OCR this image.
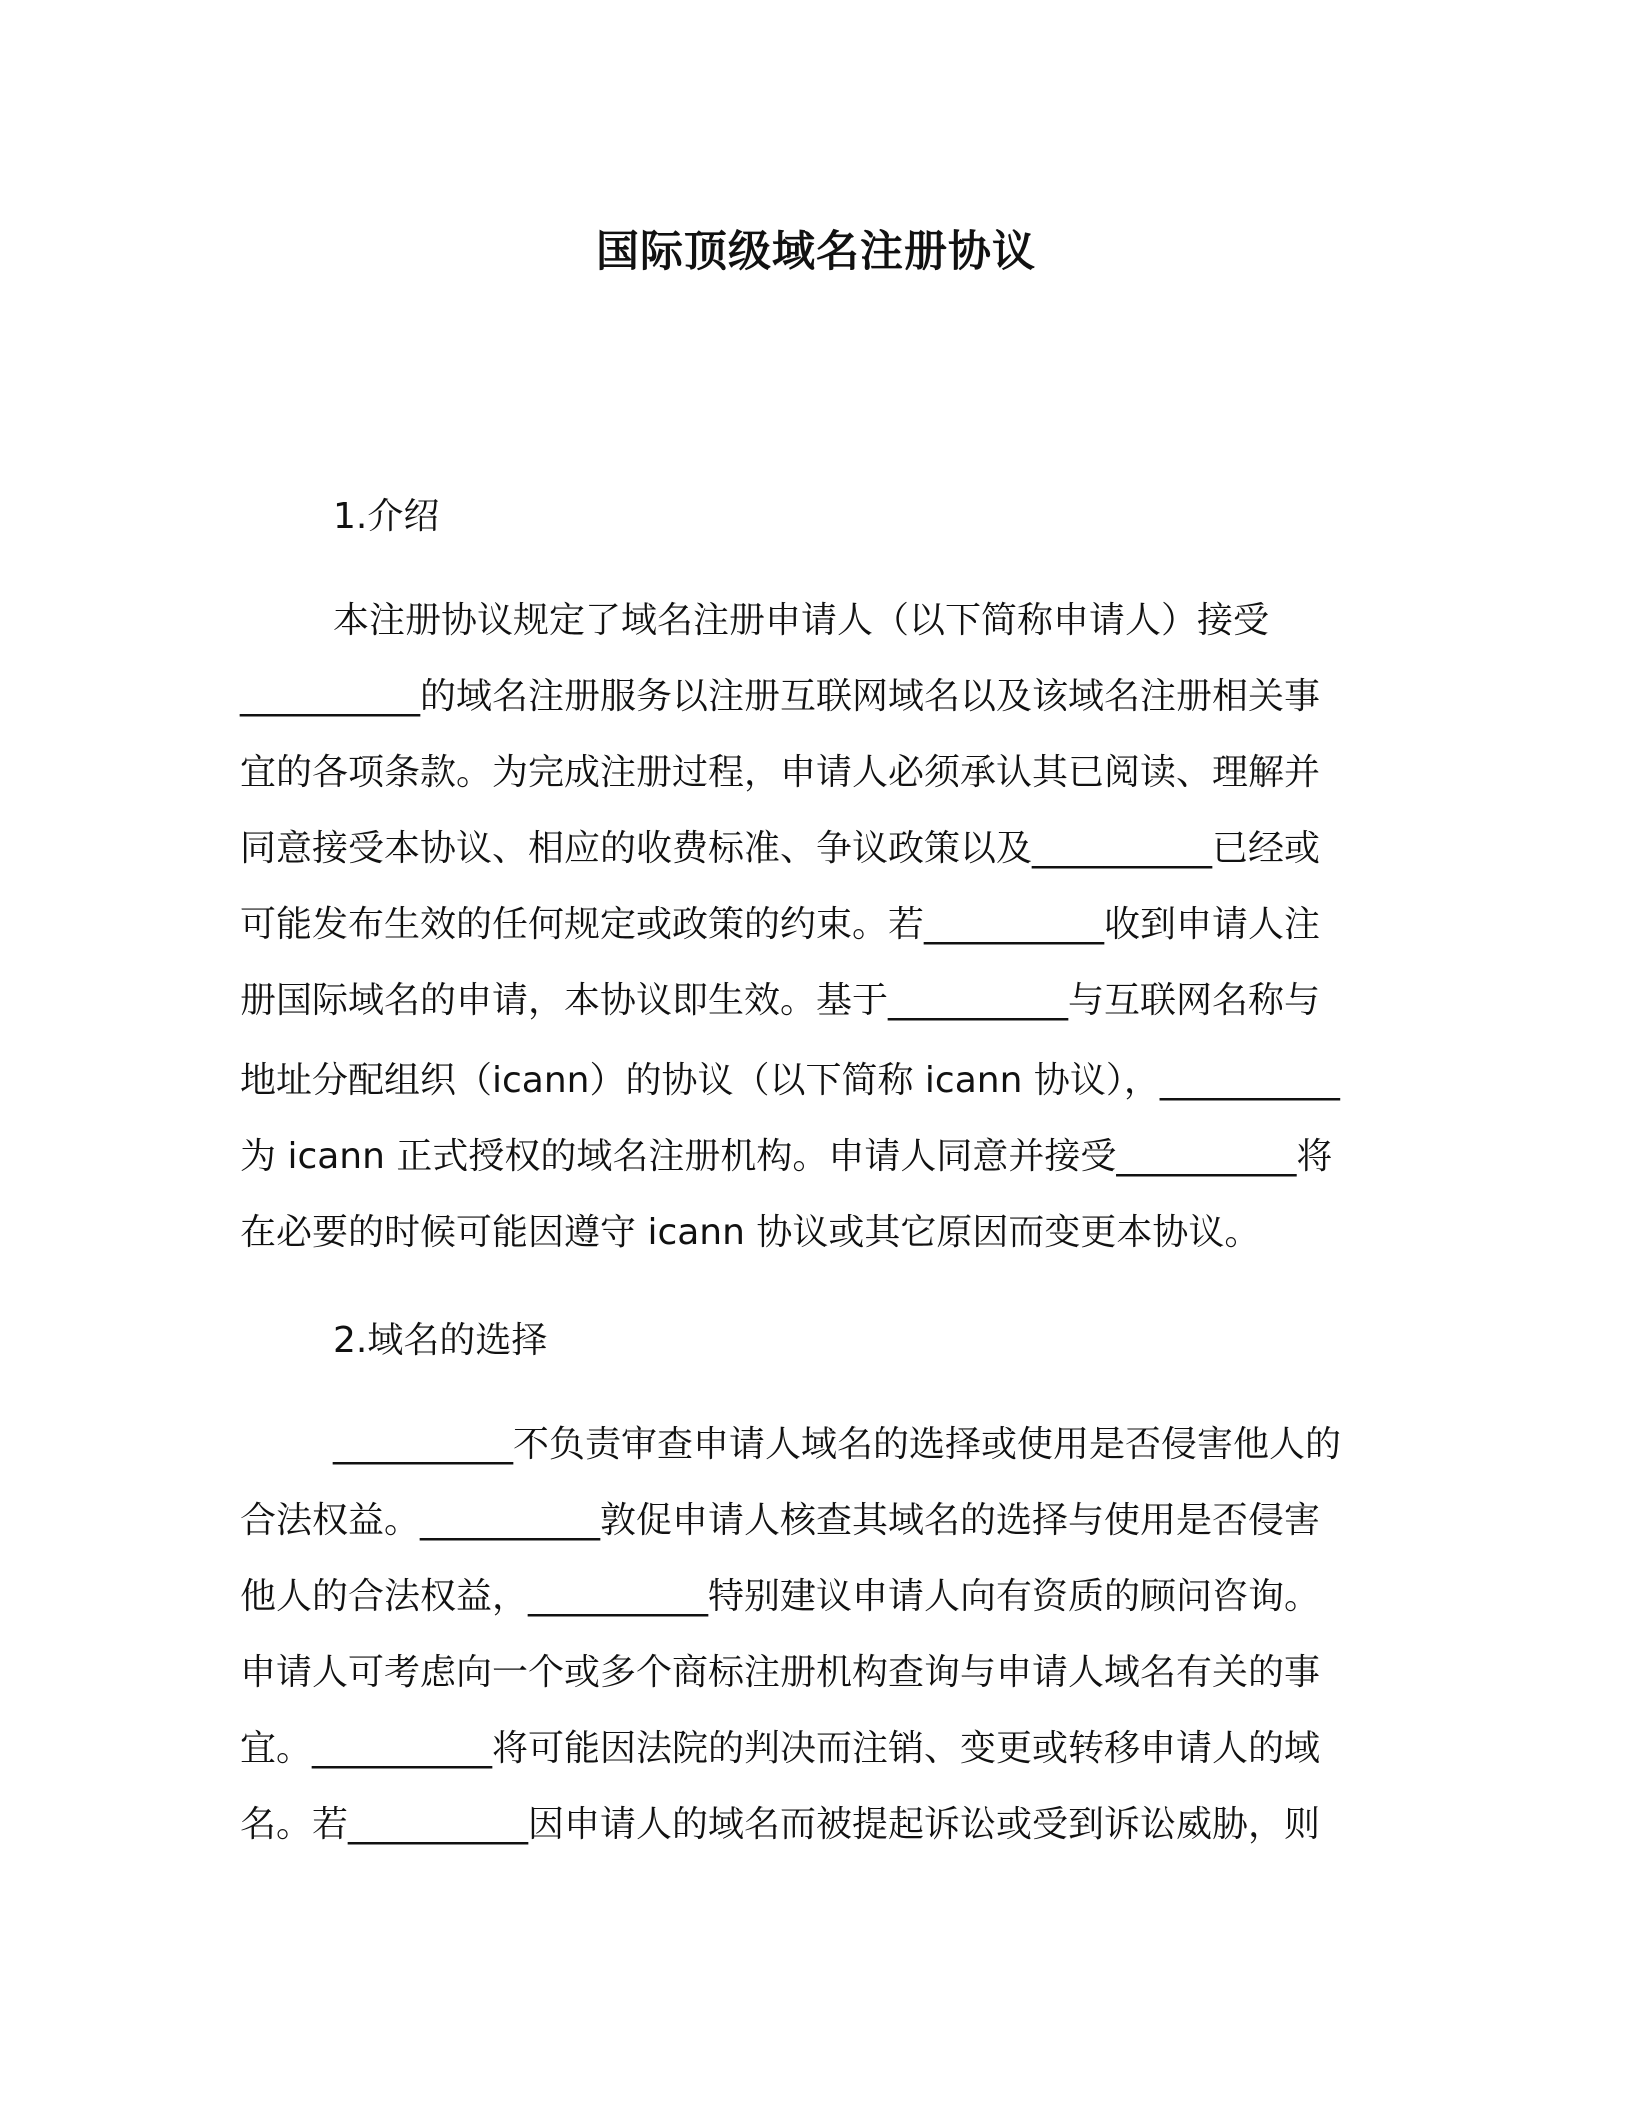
国际顶级域名注册协议
1.介绍
本注册协议规定了域名注册申请人（以下简称申请人）接受
__________的域名注册服务以注册互联网域名以及该域名注册相关事
宜的各项条款。为完成注册过程，申请人必须承认其已阅读、理解并
同意接受本协议、相应的收费标准、争议政策以及__________已经或
可能发布生效的任何规定或政策的约束。若__________收到申请人注
册国际域名的申请，本协议即生效。基于__________与互联网名称与
地址分配组织（icann）的协议（以下简称 icann 协议），__________
为 icann 正式授权的域名注册机构。申请人同意并接受__________将
在必要的时候可能因遵守 icann 协议或其它原因而变更本协议。
2.域名的选择
__________不负责审查申请人域名的选择或使用是否侵害他人的
合法权益。__________敦促申请人核查其域名的选择与使用是否侵害
他人的合法权益，__________特别建议申请人向有资质的顾问咨询。
申请人可考虑向一个或多个商标注册机构查询与申请人域名有关的事
宜。__________将可能因法院的判决而注销、变更或转移申请人的域
名。若__________因申请人的域名而被提起诉讼或受到诉讼威胁，则
